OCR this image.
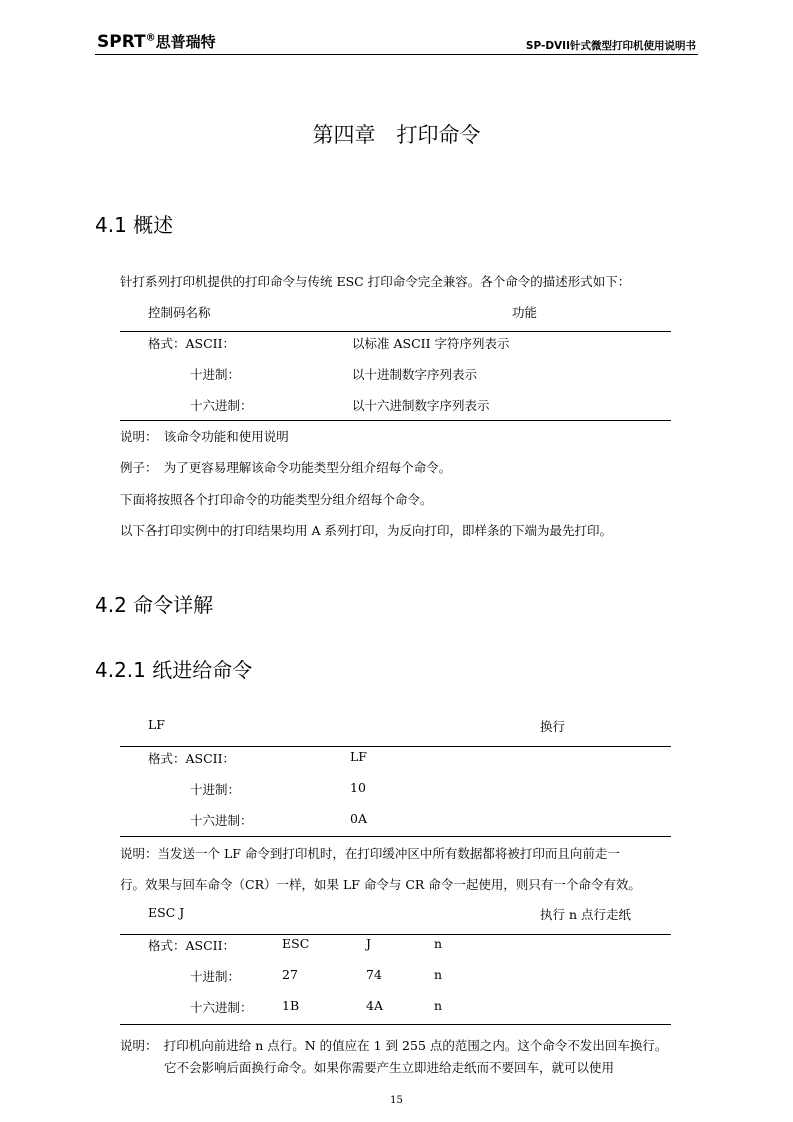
SPRT®思普瑞特	SP-DVII针式微型打印机使用说明书
第四章　打印命令
4.1 概述
针打系列打印机提供的打印命令与传统 ESC 打印命令完全兼容。各个命令的描述形式如下：
控制码名称	功能
格式：ASCII：	以标准 ASCII 字符序列表示
十进制：	以十进制数字序列表示
十六进制：	以十六进制数字序列表示
说明：　该命令功能和使用说明
例子：　为了更容易理解该命令功能类型分组介绍每个命令。
下面将按照各个打印命令的功能类型分组介绍每个命令。
以下各打印实例中的打印结果均用 A 系列打印，为反向打印，即样条的下端为最先打印。
4.2 命令详解
4.2.1 纸进给命令
LF	换行
格式：ASCII：	LF
十进制：	10
十六进制：	0A
说明：当发送一个 LF 命令到打印机时，在打印缓冲区中所有数据都将被打印而且向前走一
行。效果与回车命令（CR）一样，如果 LF 命令与 CR 命令一起使用，则只有一个命令有效。
ESC J	执行 n 点行走纸
格式：ASCII：	ESC	J	n
十进制：	27	74	n
十六进制： 1B	4A	n
说明：　打印机向前进给 n 点行。N 的值应在 1 到 255 点的范围之内。这个命令不发出回车换行。
它不会影响后面换行命令。如果你需要产生立即进给走纸而不要回车，就可以使用
15
